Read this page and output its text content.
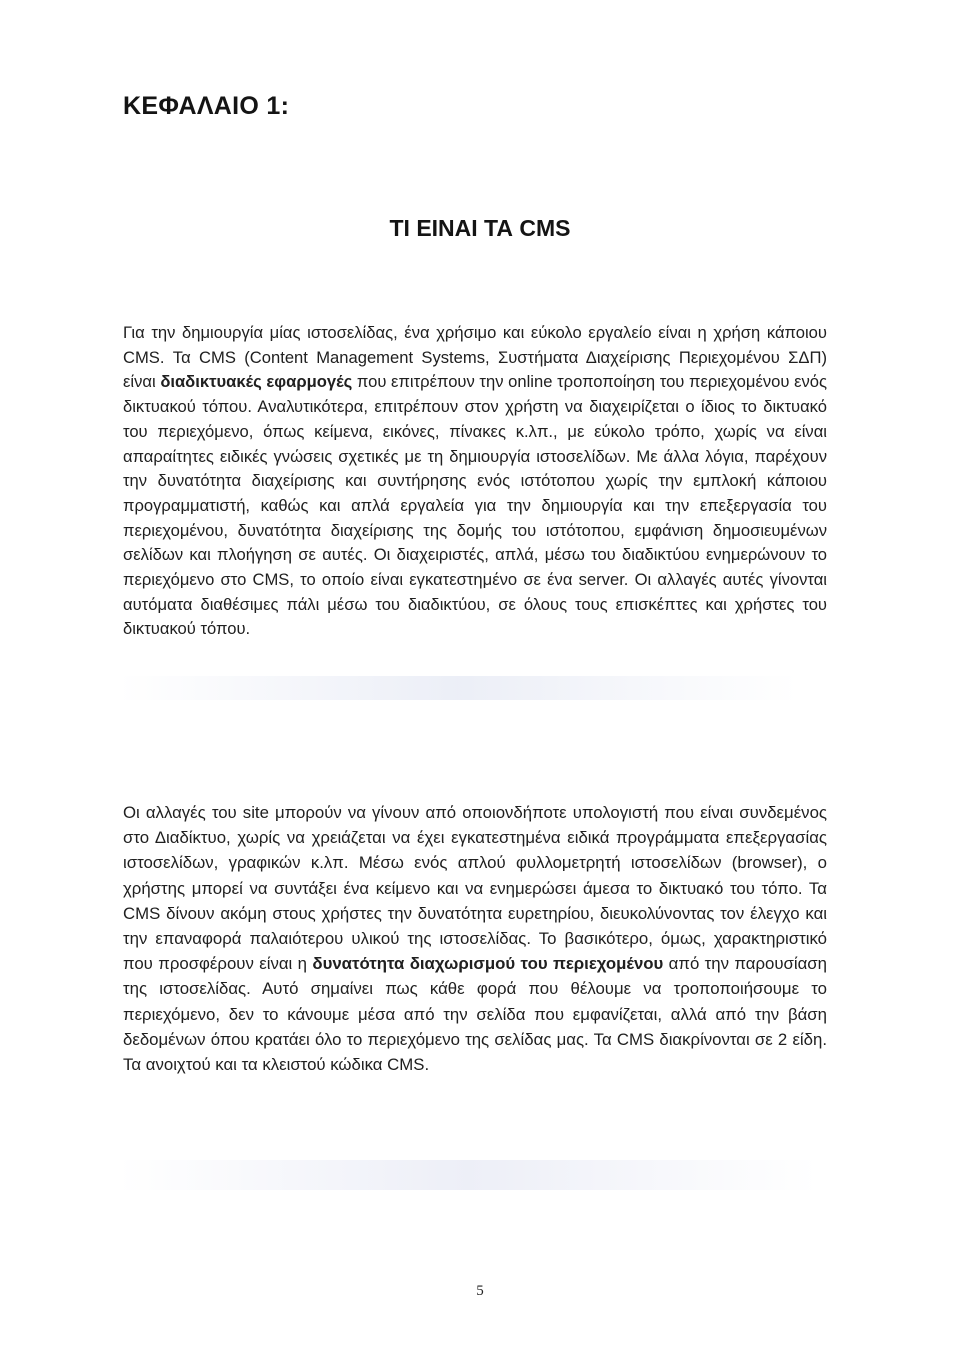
ΚΕΦΑΛΑΙΟ 1:
ΤΙ ΕΙΝΑΙ ΤΑ CMS
Για την δημιουργία μίας ιστοσελίδας, ένα χρήσιμο και εύκολο εργαλείο είναι η χρήση κάποιου CMS. Τα CMS (Content Management Systems, Συστήματα Διαχείρισης Περιεχομένου ΣΔΠ) είναι διαδικτυακές εφαρμογές που επιτρέπουν την online τροποποίηση του περιεχομένου ενός δικτυακού τόπου. Αναλυτικότερα, επιτρέπουν στον χρήστη να διαχειρίζεται ο ίδιος το δικτυακό του περιεχόμενο, όπως κείμενα, εικόνες, πίνακες κ.λπ., με εύκολο τρόπο, χωρίς να είναι απαραίτητες ειδικές γνώσεις σχετικές με τη δημιουργία ιστοσελίδων. Με άλλα λόγια, παρέχουν την δυνατότητα διαχείρισης και συντήρησης ενός ιστότοπου χωρίς την εμπλοκή κάποιου προγραμματιστή, καθώς και απλά εργαλεία για την δημιουργία και την επεξεργασία του περιεχομένου, δυνατότητα διαχείρισης της δομής του ιστότοπου, εμφάνιση δημοσιευμένων σελίδων και πλοήγηση σε αυτές. Οι διαχειριστές, απλά, μέσω του διαδικτύου ενημερώνουν το περιεχόμενο στο CMS, το οποίο είναι εγκατεστημένο σε ένα server. Οι αλλαγές αυτές γίνονται αυτόματα διαθέσιμες πάλι μέσω του διαδικτύου, σε όλους τους επισκέπτες και χρήστες του δικτυακού τόπου.
Οι αλλαγές του site μπορούν να γίνουν από οποιονδήποτε υπολογιστή που είναι συνδεμένος στο Διαδίκτυο, χωρίς να χρειάζεται να έχει εγκατεστημένα ειδικά προγράμματα επεξεργασίας ιστοσελίδων, γραφικών κ.λπ. Μέσω ενός απλού φυλλομετρητή ιστοσελίδων (browser), ο χρήστης μπορεί να συντάξει ένα κείμενο και να ενημερώσει άμεσα το δικτυακό του τόπο. Τα CMS δίνουν ακόμη στους χρήστες την δυνατότητα ευρετηρίου, διευκολύνοντας τον έλεγχο και την επαναφορά παλαιότερου υλικού της ιστοσελίδας. Το βασικότερο, όμως, χαρακτηριστικό που προσφέρουν είναι η δυνατότητα διαχωρισμού του περιεχομένου από την παρουσίαση της ιστοσελίδας. Αυτό σημαίνει πως κάθε φορά που θέλουμε να τροποποιήσουμε το περιεχόμενο, δεν το κάνουμε μέσα από την σελίδα που εμφανίζεται, αλλά από την βάση δεδομένων όπου κρατάει όλο το περιεχόμενο της σελίδας μας. Τα CMS διακρίνονται σε 2 είδη. Τα ανοιχτού και τα κλειστού κώδικα CMS.
5
